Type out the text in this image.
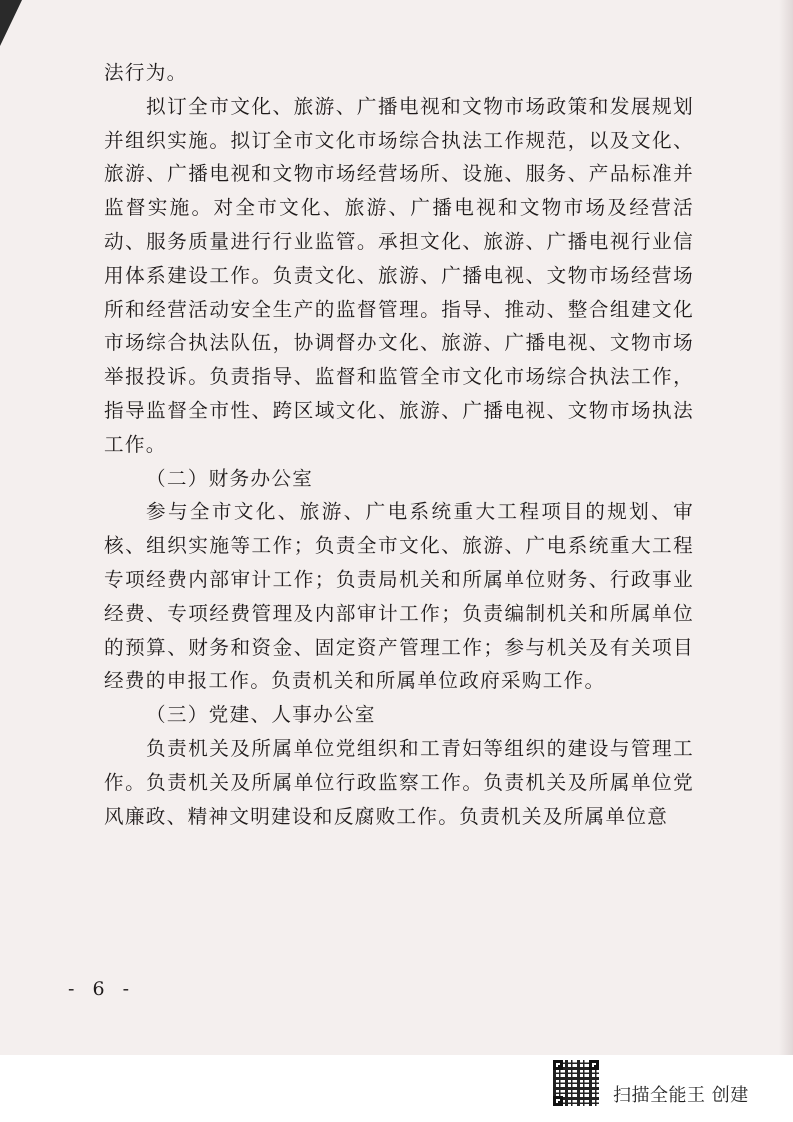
法行为。

拟订全市文化、旅游、广播电视和文物市场政策和发展规划并组织实施。拟订全市文化市场综合执法工作规范，以及文化、旅游、广播电视和文物市场经营场所、设施、服务、产品标准并监督实施。对全市文化、旅游、广播电视和文物市场及经营活动、服务质量进行行业监管。承担文化、旅游、广播电视行业信用体系建设工作。负责文化、旅游、广播电视、文物市场经营场所和经营活动安全生产的监督管理。指导、推动、整合组建文化市场综合执法队伍，协调督办文化、旅游、广播电视、文物市场举报投诉。负责指导、监督和监管全市文化市场综合执法工作，指导监督全市性、跨区域文化、旅游、广播电视、文物市场执法工作。

（二）财务办公室

参与全市文化、旅游、广电系统重大工程项目的规划、审核、组织实施等工作；负责全市文化、旅游、广电系统重大工程专项经费内部审计工作；负责局机关和所属单位财务、行政事业经费、专项经费管理及内部审计工作；负责编制机关和所属单位的预算、财务和资金、固定资产管理工作；参与机关及有关项目经费的申报工作。负责机关和所属单位政府采购工作。

（三）党建、人事办公室

负责机关及所属单位党组织和工青妇等组织的建设与管理工作。负责机关及所属单位行政监察工作。负责机关及所属单位党风廉政、精神文明建设和反腐败工作。负责机关及所属单位意

- 6 -
扫描全能王 创建
